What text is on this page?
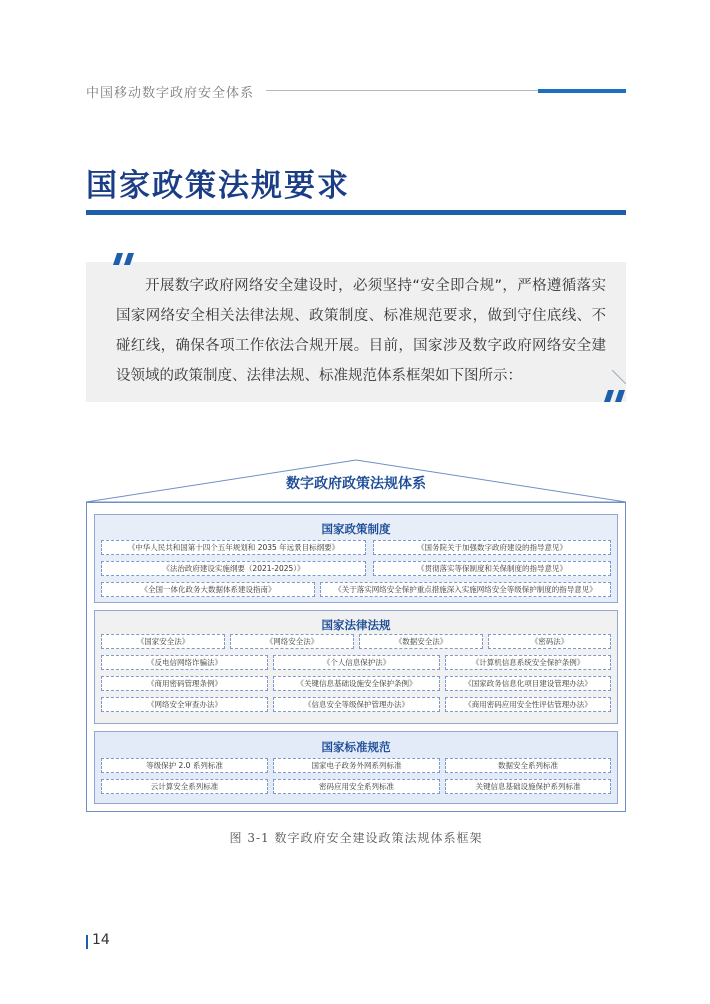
中国移动数字政府安全体系
国家政策法规要求
开展数字政府网络安全建设时，必须坚持“安全即合规”，严格遵循落实国家网络安全相关法律法规、政策制度、标准规范要求，做到守住底线、不碰红线，确保各项工作依法合规开展。目前，国家涉及数字政府网络安全建设领域的政策制度、法律法规、标准规范体系框架如下图所示：
数字政府政策法规体系
国家政策制度
《中华人民共和国第十四个五年规划和 2035 年远景目标纲要》	《国务院关于加强数字政府建设的指导意见》
《法治政府建设实施纲要（2021-2025）》	《贯彻落实等保制度和关保制度的指导意见》
《全国一体化政务大数据体系建设指南》	《关于落实网络安全保护重点措施深入实施网络安全等级保护制度的指导意见》
国家法律法规
《国家安全法》	《网络安全法》	《数据安全法》	《密码法》
《反电信网络诈骗法》	《个人信息保护法》	《计算机信息系统安全保护条例》
《商用密码管理条例》	《关键信息基础设施安全保护条例》	《国家政务信息化项目建设管理办法》
《网络安全审查办法》	《信息安全等级保护管理办法》	《商用密码应用安全性评估管理办法》
国家标准规范
等级保护 2.0 系列标准	国家电子政务外网系列标准	数据安全系列标准
云计算安全系列标准	密码应用安全系列标准	关键信息基础设施保护系列标准
图 3-1 数字政府安全建设政策法规体系框架
14
